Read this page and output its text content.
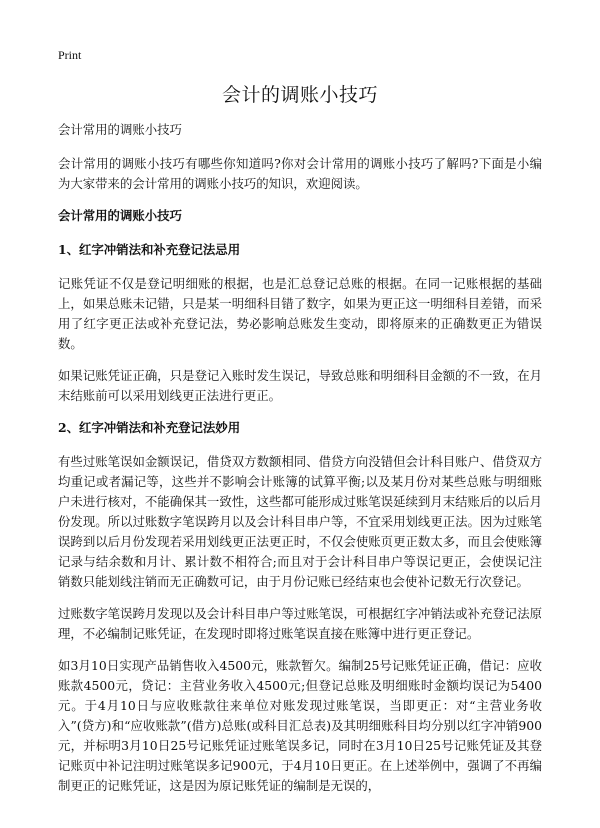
Print
会计的调账小技巧

会计常用的调账小技巧

会计常用的调账小技巧有哪些你知道吗?你对会计常用的调账小技巧了解吗?下面是小编为大家带来的会计常用的调账小技巧的知识，欢迎阅读。

会计常用的调账小技巧
1、红字冲销法和补充登记法忌用

记账凭证不仅是登记明细账的根据，也是汇总登记总账的根据。在同一记账根据的基础上，如果总账未记错，只是某一明细科目错了数字，如果为更正这一明细科目差错，而采用了红字更正法或补充登记法，势必影响总账发生变动，即将原来的正确数更正为错误数。

如果记账凭证正确，只是登记入账时发生误记，导致总账和明细科目金额的不一致，在月末结账前可以采用划线更正法进行更正。

2、红字冲销法和补充登记法妙用

有些过账笔误如金额误记，借贷双方数额相同、借贷方向没错但会计科目账户、借贷双方均重记或者漏记等，这些并不影响会计账簿的试算平衡;以及某月份对某些总账与明细账户未进行核对，不能确保其一致性，这些都可能形成过账笔误延续到月末结账后的以后月份发现。所以过账数字笔误跨月以及会计科目串户等，不宜采用划线更正法。因为过账笔误跨到以后月份发现若采用划线更正法更正时，不仅会使账页更正数太多，而且会使账簿记录与结余数和月计、累计数不相符合;而且对于会计科目串户等误记更正，会使误记注销数只能划线注销而无正确数可记，由于月份记账已经结束也会使补记数无行次登记。

过账数字笔误跨月发现以及会计科目串户等过账笔误，可根据红字冲销法或补充登记法原理，不必编制记账凭证，在发现时即将过账笔误直接在账簿中进行更正登记。

如3月10日实现产品销售收入4500元，账款暂欠。编制25号记账凭证正确，借记：应收账款4500元，贷记：主营业务收入4500元;但登记总账及明细账时金额均误记为5400元。于4月10日与应收账款往来单位对账发现过账笔误，当即更正：对“主营业务收入”(贷方)和“应收账款”(借方)总账(或科目汇总表)及其明细账科目均分别以红字冲销900元，并标明3月10日25号记账凭证过账笔误多记，同时在3月10日25号记账凭证及其登记账页中补记注明过账笔误多记900元，于4月10日更正。在上述举例中，强调了不再编制更正的记账凭证，这是因为原记账凭证的编制是无误的，
